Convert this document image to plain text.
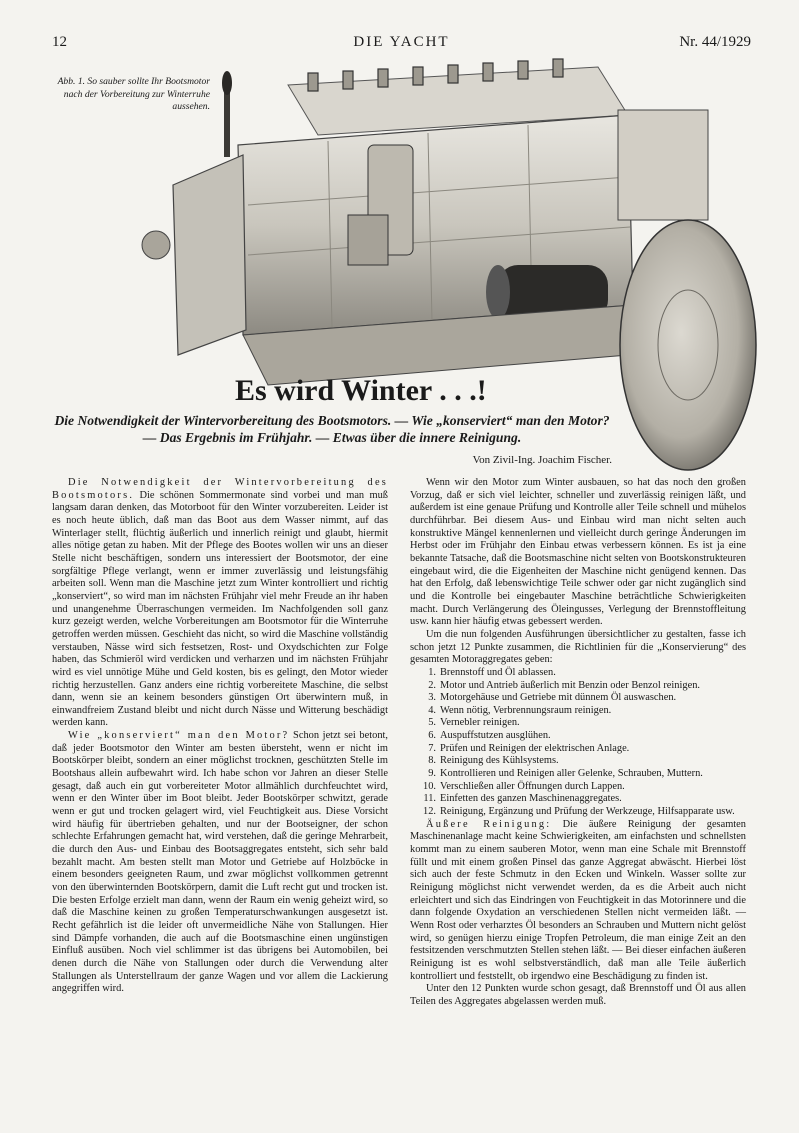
12	DIE YACHT	Nr. 44/1929
Abb. 1. So sauber sollte Ihr Bootsmotor nach der Vorbereitung zur Winterruhe aussehen.
Es wird Winter . . .!
Die Notwendigkeit der Wintervorbereitung des Bootsmotors. — Wie „konserviert“ man den Motor? — Das Ergebnis im Frühjahr. — Etwas über die innere Reinigung.
Von Zivil-Ing. Joachim Fischer.

Die Notwendigkeit der Wintervorbereitung des Bootsmotors. Die schönen Sommermonate sind vorbei und man muß langsam daran denken, das Motorboot für den Winter vorzubereiten. Leider ist es noch heute üblich, daß man das Boot aus dem Wasser nimmt, auf das Winterlager stellt, flüchtig äußerlich und innerlich reinigt und glaubt, hiermit alles nötige getan zu haben. Mit der Pflege des Bootes wollen wir uns an dieser Stelle nicht beschäftigen, sondern uns interessiert der Bootsmotor, der eine sorgfältige Pflege verlangt, wenn er immer zuverlässig und leistungsfähig arbeiten soll. Wenn man die Maschine jetzt zum Winter kontrolliert und richtig „konserviert“, so wird man im nächsten Frühjahr viel mehr Freude an ihr haben und unangenehme Überraschungen vermeiden. Im Nachfolgenden soll ganz kurz gezeigt werden, welche Vorbereitungen am Bootsmotor für die Winterruhe getroffen werden müssen. Geschieht das nicht, so wird die Maschine vollständig verstauben, Nässe wird sich festsetzen, Rost- und Oxydschichten zur Folge haben, das Schmieröl wird verdicken und verharzen und im nächsten Frühjahr wird es viel unnötige Mühe und Geld kosten, bis es gelingt, den Motor wieder richtig herzustellen. Ganz anders eine richtig vorbereitete Maschine, die selbst dann, wenn sie an keinem besonders günstigen Ort überwintern muß, in einwandfreiem Zustand bleibt und nicht durch Nässe und Witterung beschädigt werden kann.

Wie „konserviert“ man den Motor? Schon jetzt sei betont, daß jeder Bootsmotor den Winter am besten übersteht, wenn er nicht im Bootskörper bleibt, sondern an einer möglichst trocknen, geschützten Stelle im Bootshaus allein aufbewahrt wird. Ich habe schon vor Jahren an dieser Stelle gesagt, daß auch ein gut vorbereiteter Motor allmählich durchfeuchtet wird, wenn er den Winter über im Boot bleibt. Jeder Bootskörper schwitzt, gerade wenn er gut und trocken gelagert wird, viel Feuchtigkeit aus. Diese Vorsicht wird häufig für übertrieben gehalten, und nur der Bootseigner, der schon schlechte Erfahrungen gemacht hat, wird verstehen, daß die geringe Mehrarbeit, die durch den Aus- und Einbau des Bootsaggregates entsteht, sich sehr bald bezahlt macht. Am besten stellt man Motor und Getriebe auf Holzböcke in einem besonders geeigneten Raum, und zwar möglichst vollkommen getrennt von den überwinternden Bootskörpern, damit die Luft recht gut und trocken ist. Die besten Erfolge erzielt man dann, wenn der Raum ein wenig geheizt wird, so daß die Maschine keinen zu großen Temperaturschwankungen ausgesetzt ist. Recht gefährlich ist die leider oft unvermeidliche Nähe von Stallungen. Hier sind Dämpfe vorhanden, die auch auf die Bootsmaschine einen ungünstigen Einfluß ausüben. Noch viel schlimmer ist das übrigens bei Automobilen, bei denen durch die Nähe von Stallungen oder durch die Verwendung alter Stallungen als Unterstellraum der ganze Wagen und vor allem die Lackierung angegriffen wird.

Wenn wir den Motor zum Winter ausbauen, so hat das noch den großen Vorzug, daß er sich viel leichter, schneller und zuverlässig reinigen läßt, und außerdem ist eine genaue Prüfung und Kontrolle aller Teile schnell und mühelos durchführbar. Bei diesem Aus- und Einbau wird man nicht selten auch konstruktive Mängel kennenlernen und vielleicht durch geringe Änderungen im Herbst oder im Frühjahr den Einbau etwas verbessern können. Es ist ja eine bekannte Tatsache, daß die Bootsmaschine nicht selten von Bootskonstrukteuren eingebaut wird, die die Eigenheiten der Maschine nicht genügend kennen. Das hat den Erfolg, daß lebenswichtige Teile schwer oder gar nicht zugänglich sind und die Kontrolle bei eingebauter Maschine beträchtliche Schwierigkeiten macht. Durch Verlängerung des Öleingusses, Verlegung der Brennstoffleitung usw. kann hier häufig etwas gebessert werden.

Um die nun folgenden Ausführungen übersichtlicher zu gestalten, fasse ich schon jetzt 12 Punkte zusammen, die Richtlinien für die „Konservierung“ des gesamten Motoraggregates geben:

1. Brennstoff und Öl ablassen.
2. Motor und Antrieb äußerlich mit Benzin oder Benzol reinigen.
3. Motorgehäuse und Getriebe mit dünnem Öl auswaschen.
4. Wenn nötig, Verbrennungsraum reinigen.
5. Vernebler reinigen.
6. Auspuffstutzen ausglühen.
7. Prüfen und Reinigen der elektrischen Anlage.
8. Reinigung des Kühlsystems.
9. Kontrollieren und Reinigen aller Gelenke, Schrauben, Muttern.
10. Verschließen aller Öffnungen durch Lappen.
11. Einfetten des ganzen Maschinenaggregates.
12. Reinigung, Ergänzung und Prüfung der Werkzeuge, Hilfsapparate usw.

Äußere Reinigung: Die äußere Reinigung der gesamten Maschinenanlage macht keine Schwierigkeiten, am einfachsten und schnellsten kommt man zu einem sauberen Motor, wenn man eine Schale mit Brennstoff füllt und mit einem großen Pinsel das ganze Aggregat abwäscht. Hierbei löst sich auch der feste Schmutz in den Ecken und Winkeln. Wasser sollte zur Reinigung möglichst nicht verwendet werden, da es die Arbeit auch nicht erleichtert und sich das Eindringen von Feuchtigkeit in das Motorinnere und die dann folgende Oxydation an verschiedenen Stellen nicht vermeiden läßt. — Wenn Rost oder verharztes Öl besonders an Schrauben und Muttern nicht gelöst wird, so genügen hierzu einige Tropfen Petroleum, die man einige Zeit an den festsitzenden verschmutzten Stellen stehen läßt. — Bei dieser einfachen äußeren Reinigung ist es wohl selbstverständlich, daß man alle Teile äußerlich kontrolliert und feststellt, ob irgendwo eine Beschädigung zu finden ist.

Unter den 12 Punkten wurde schon gesagt, daß Brennstoff und Öl aus allen Teilen des Aggregates abgelassen werden muß.
